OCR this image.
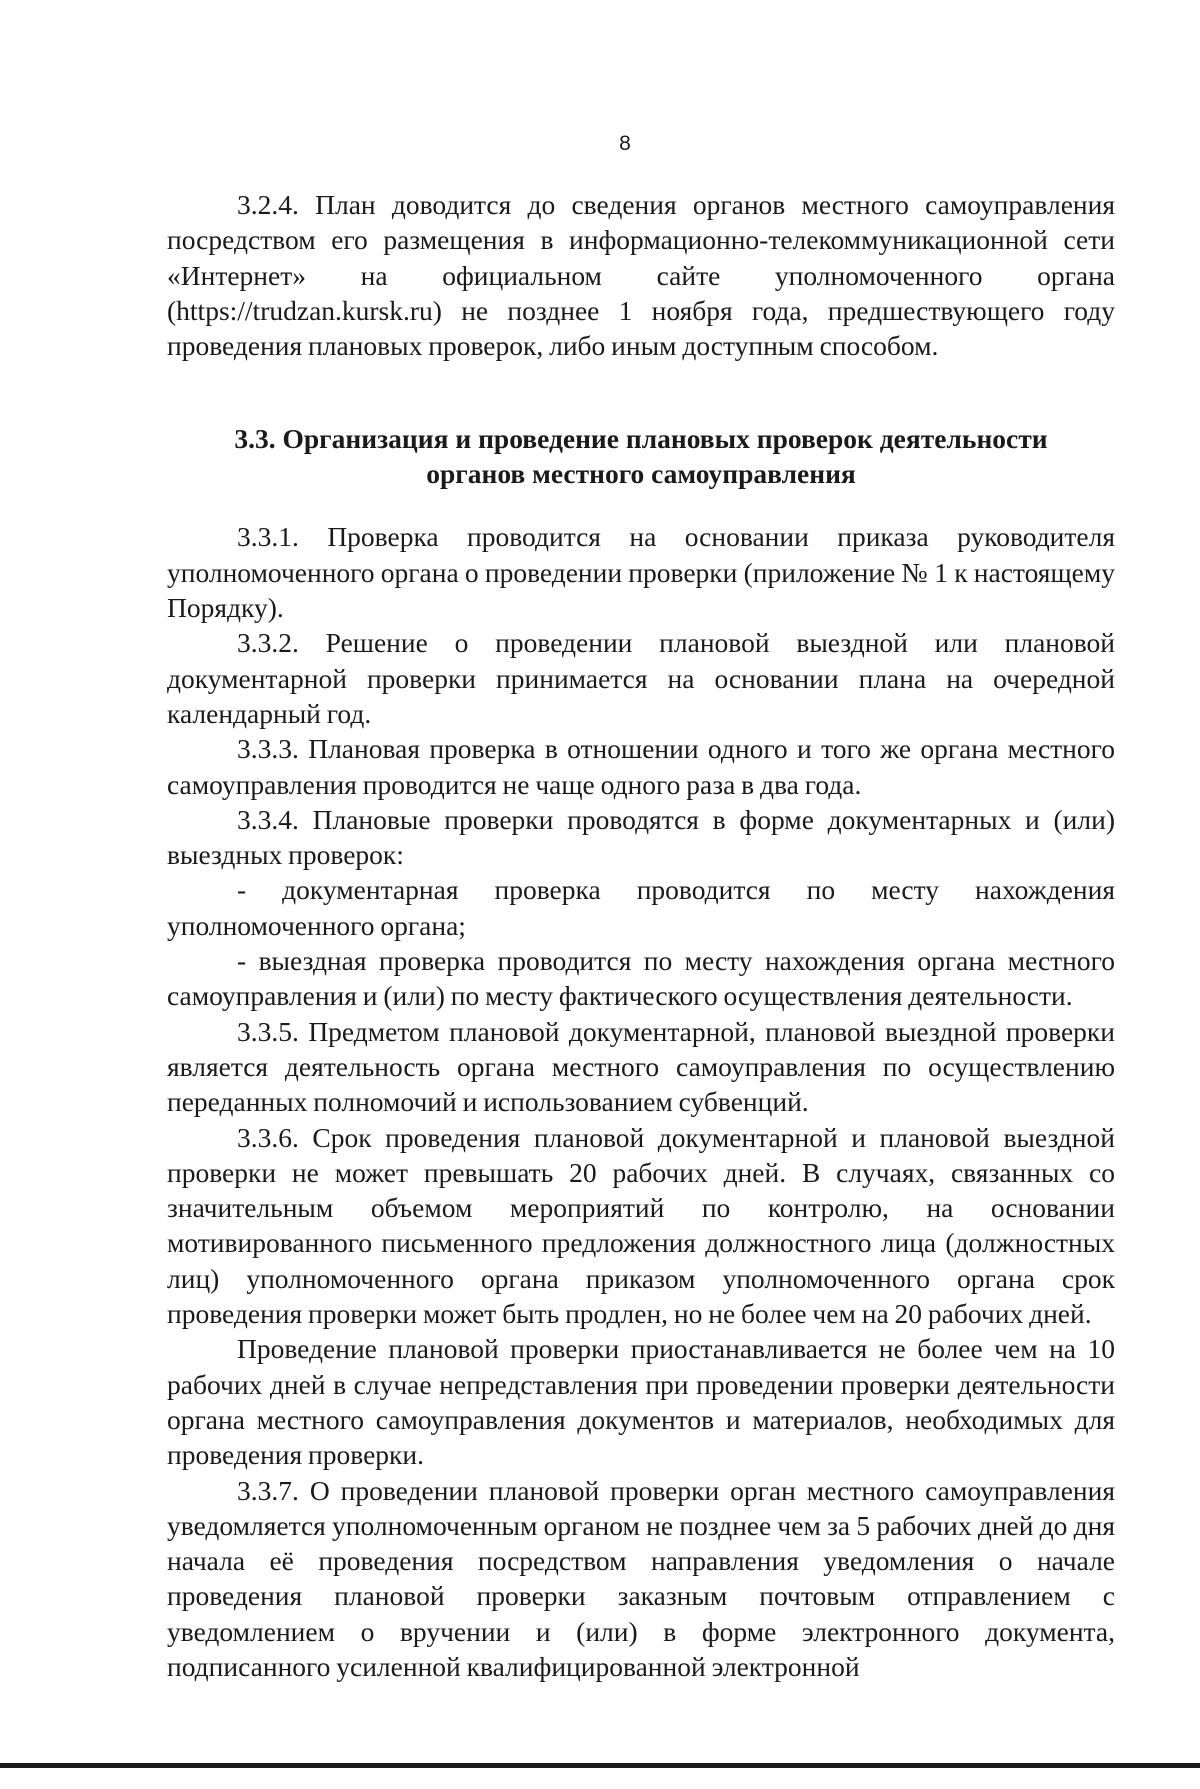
8

3.2.4. План доводится до сведения органов местного самоуправления посредством его размещения в информационно-телекоммуникационной сети «Интернет» на официальном сайте уполномоченного органа (https://trudzan.kursk.ru) не позднее 1 ноября года, предшествующего году проведения плановых проверок, либо иным доступным способом.

3.3. Организация и проведение плановых проверок деятельности
органов местного самоуправления

3.3.1. Проверка проводится на основании приказа руководителя уполномоченного органа о проведении проверки (приложение № 1 к настоящему Порядку).

3.3.2. Решение о проведении плановой выездной или плановой документарной проверки принимается на основании плана на очередной календарный год.

3.3.3. Плановая проверка в отношении одного и того же органа местного самоуправления проводится не чаще одного раза в два года.

3.3.4. Плановые проверки проводятся в форме документарных и (или) выездных проверок:

- документарная проверка проводится по месту нахождения уполномоченного органа;

- выездная проверка проводится по месту нахождения органа местного самоуправления и (или) по месту фактического осуществления деятельности.

3.3.5. Предметом плановой документарной, плановой выездной проверки является деятельность органа местного самоуправления по осуществлению переданных полномочий и использованием субвенций.

3.3.6. Срок проведения плановой документарной и плановой выездной проверки не может превышать 20 рабочих дней. В случаях, связанных со значительным объемом мероприятий по контролю, на основании мотивированного письменного предложения должностного лица (должностных лиц) уполномоченного органа приказом уполномоченного органа срок проведения проверки может быть продлен, но не более чем на 20 рабочих дней.

Проведение плановой проверки приостанавливается не более чем на 10 рабочих дней в случае непредставления при проведении проверки деятельности органа местного самоуправления документов и материалов, необходимых для проведения проверки.

3.3.7. О проведении плановой проверки орган местного самоуправления уведомляется уполномоченным органом не позднее чем за 5 рабочих дней до дня начала её проведения посредством направления уведомления о начале проведения плановой проверки заказным почтовым отправлением с уведомлением о вручении и (или) в форме электронного документа, подписанного усиленной квалифицированной электронной
